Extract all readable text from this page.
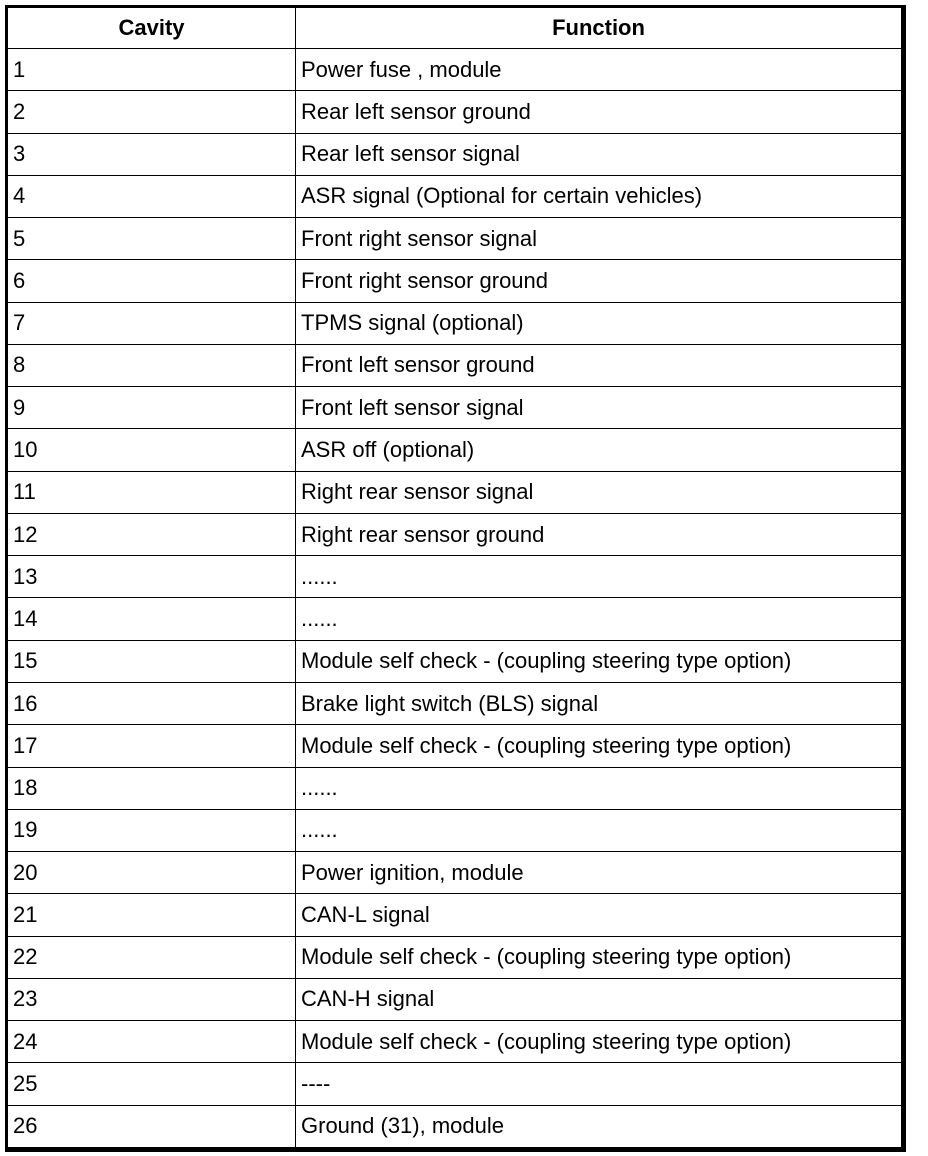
Cavity	Function
1	Power fuse , module
2	Rear left sensor ground
3	Rear left sensor signal
4	ASR signal (Optional for certain vehicles)
5	Front right sensor signal
6	Front right sensor ground
7	TPMS signal (optional)
8	Front left sensor ground
9	Front left sensor signal
10	ASR off (optional)
11	Right rear sensor signal
12	Right rear sensor ground
13	......
14	......
15	Module self check - (coupling steering type option)
16	Brake light switch (BLS) signal
17	Module self check - (coupling steering type option)
18	......
19	......
20	Power ignition, module
21	CAN-L signal
22	Module self check - (coupling steering type option)
23	CAN-H signal
24	Module self check - (coupling steering type option)
25	----
26	Ground (31), module
